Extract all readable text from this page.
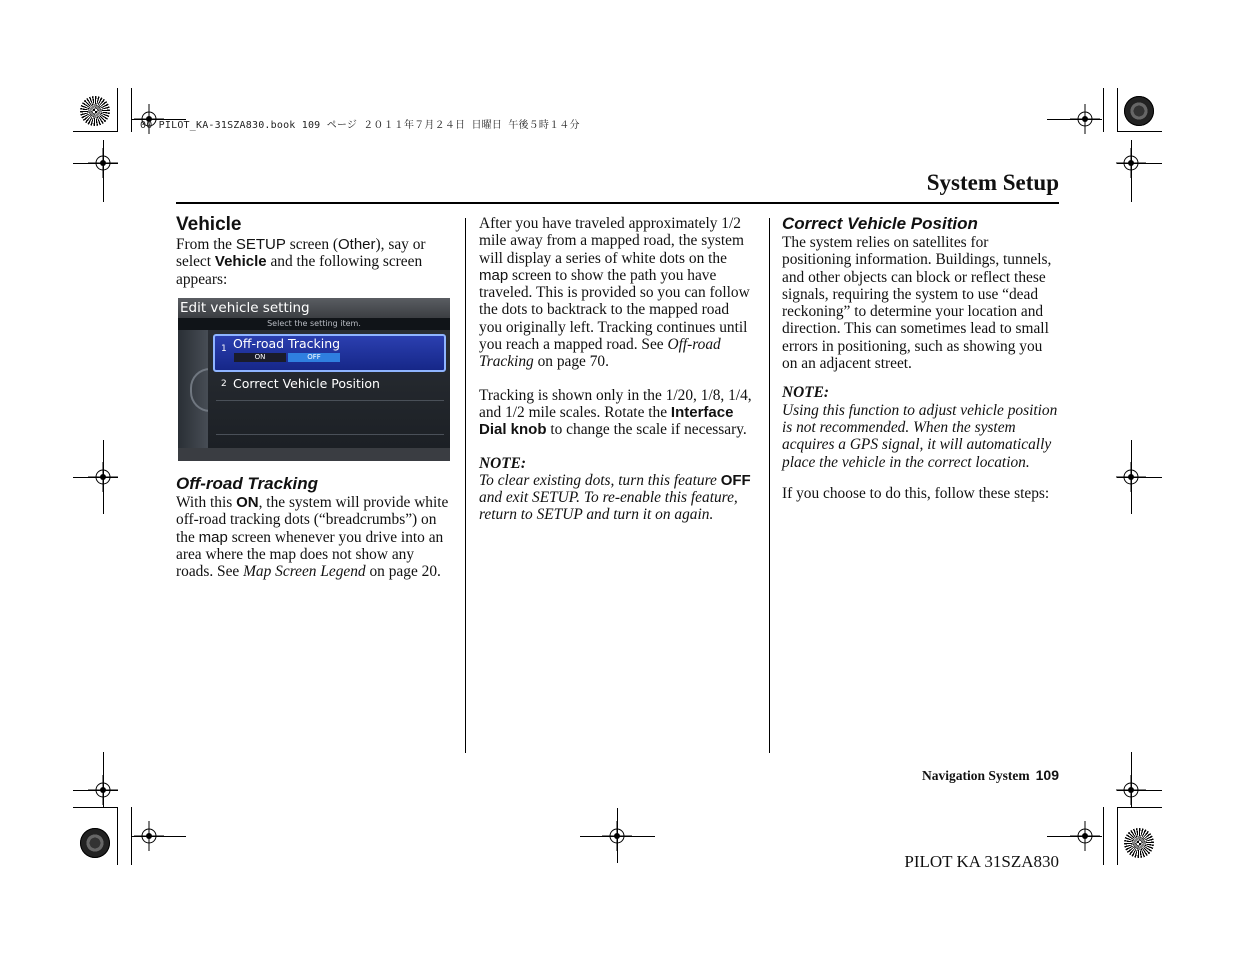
00 PILOT_KA-31SZA830.book 109 ページ ２０１１年７月２４日 日曜日 午後５時１４分
System Setup
Vehicle

From the SETUP screen (Other), say or select Vehicle and the following screen appears:

Edit vehicle setting
Select the setting item.
1 Off-road Tracking
ON	OFF
2 Correct Vehicle Position
Off-road Tracking

With this ON, the system will provide white off-road tracking dots (“breadcrumbs”) on the map screen whenever you drive into an area where the map does not show any roads. See Map Screen Legend on page 20.

After you have traveled approximately 1/2 mile away from a mapped road, the system will display a series of white dots on the map screen to show the path you have traveled. This is provided so you can follow the dots to backtrack to the mapped road you originally left. Tracking continues until you reach a mapped road. See Off-road Tracking on page 70.

Tracking is shown only in the 1/20, 1/8, 1/4, and 1/2 mile scales. Rotate the Interface Dial knob to change the scale if necessary.

NOTE:

To clear existing dots, turn this feature OFF and exit SETUP. To re-enable this feature, return to SETUP and turn it on again.

Correct Vehicle Position

The system relies on satellites for positioning information. Buildings, tunnels, and other objects can block or reflect these signals, requiring the system to use “dead reckoning” to determine your location and direction. This can sometimes lead to small errors in positioning, such as showing you on an adjacent street.

NOTE:

Using this function to adjust vehicle position is not recommended. When the system acquires a GPS signal, it will automatically place the vehicle in the correct location.

If you choose to do this, follow these steps:

Navigation System 109
PILOT KA 31SZA830
